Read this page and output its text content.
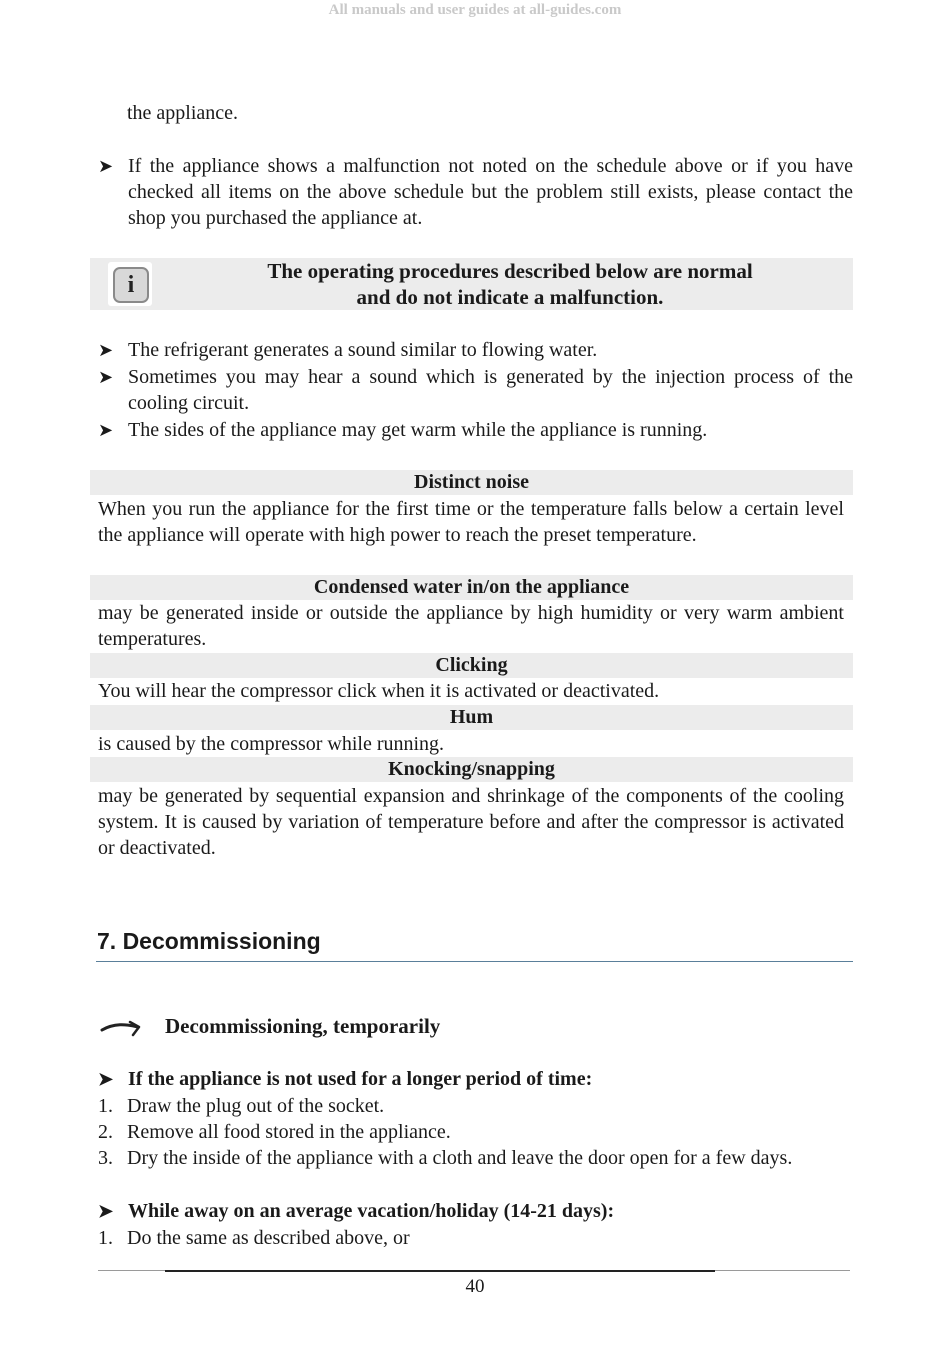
All manuals and user guides at all-guides.com
the appliance.
➤ If the appliance shows a malfunction not noted on the schedule above or if you have checked all items on the above schedule but the problem still exists, please contact the shop you purchased the appliance at.
i
The operating procedures described below are normal
and do not indicate a malfunction.
➤ The refrigerant generates a sound similar to flowing water.
➤ Sometimes you may hear a sound which is generated by the injection process of the cooling circuit.
➤ The sides of the appliance may get warm while the appliance is running.
Distinct noise
When you run the appliance for the first time or the temperature falls below a certain level the appliance will operate with high power to reach the preset temperature.
Condensed water in/on the appliance
may be generated inside or outside the appliance by high humidity or very warm ambient temperatures.
Clicking
You will hear the compressor click when it is activated or deactivated.
Hum
is caused by the compressor while running.
Knocking/snapping
may be generated by sequential expansion and shrinkage of the components of the cooling system. It is caused by variation of temperature before and after the compressor is activated or deactivated.
7. Decommissioning
Decommissioning, temporarily
➤ If the appliance is not used for a longer period of time:
1. Draw the plug out of the socket.
2. Remove all food stored in the appliance.
3. Dry the inside of the appliance with a cloth and leave the door open for a few days.
➤ While away on an average vacation/holiday (14-21 days):
1. Do the same as described above, or
40
